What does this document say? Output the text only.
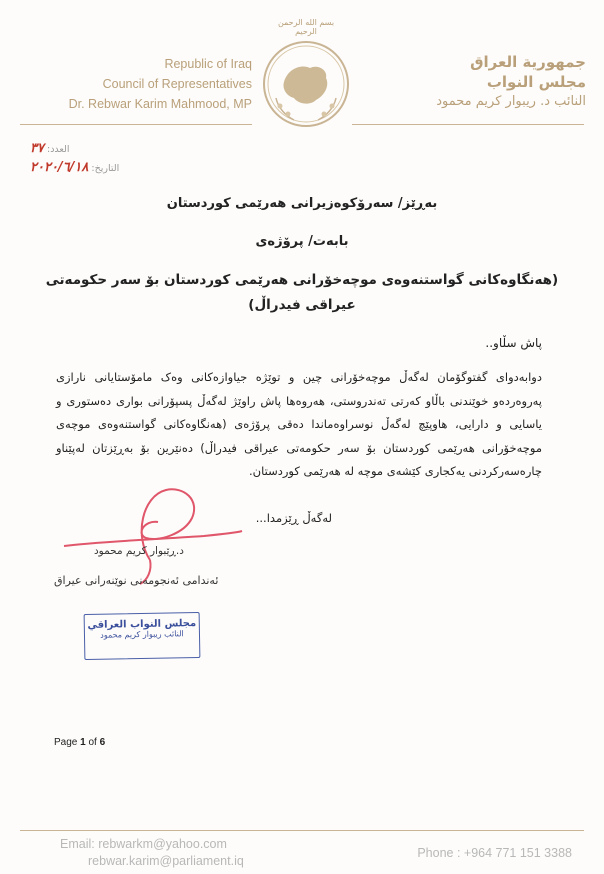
Republic of Iraq
Council of Representatives
Dr. Rebwar Karim Mahmood, MP
بسم الله الرحمن الرحيم
جمهورية العراق
مجلس النواب
النائب د. ريبوار كريم محمود
العدد: ٣٧
التاريخ: ٢٠٢٠/٦/١٨
بەڕێز/ سەرۆکوەزیرانی هەرێمی کوردستان
بابەت/ پرۆژەی
(هەنگاوەکانی گواستنەوەی موچەخۆرانی هەرێمی کوردستان بۆ سەر حکومەتی
عیراقی فیدراڵ)
پاش سڵاو..
دوابەدوای گفتوگۆمان لەگەڵ موچەخۆرانی چین و توێژە جیاوازەکانی وەک مامۆستایانی نارازی پەروەردەو خوێندنی باڵاو کەرتی تەندروستی، هەروەها پاش راوێژ لەگەڵ پسپۆرانی بواری دەستوری و یاسایی و دارایی، هاوپێچ لەگەڵ نوسراوەماندا دەقی پرۆژەی (هەنگاوەکانی گواستنەوەی موچەی موچەخۆرانی هەرێمی کوردستان بۆ سەر حکومەتی عیراقی فیدراڵ) دەنێرین بۆ بەڕێزتان لەپێناو چارەسەرکردنی یەکجاری کێشەی موچە لە هەرێمی کوردستان.
لەگەڵ ڕێزمدا...
د.ڕێبوار کریم محمود
ئەندامی ئەنجومەنی نوێنەرانی عیراق
مجلس النواب العراقي
النائب ريبوار كريم محمود
Page 1 of 6
Email: rebwarkm@yahoo.com
rebwar.karim@parliament.iq
Phone : +964 771 151 3388
